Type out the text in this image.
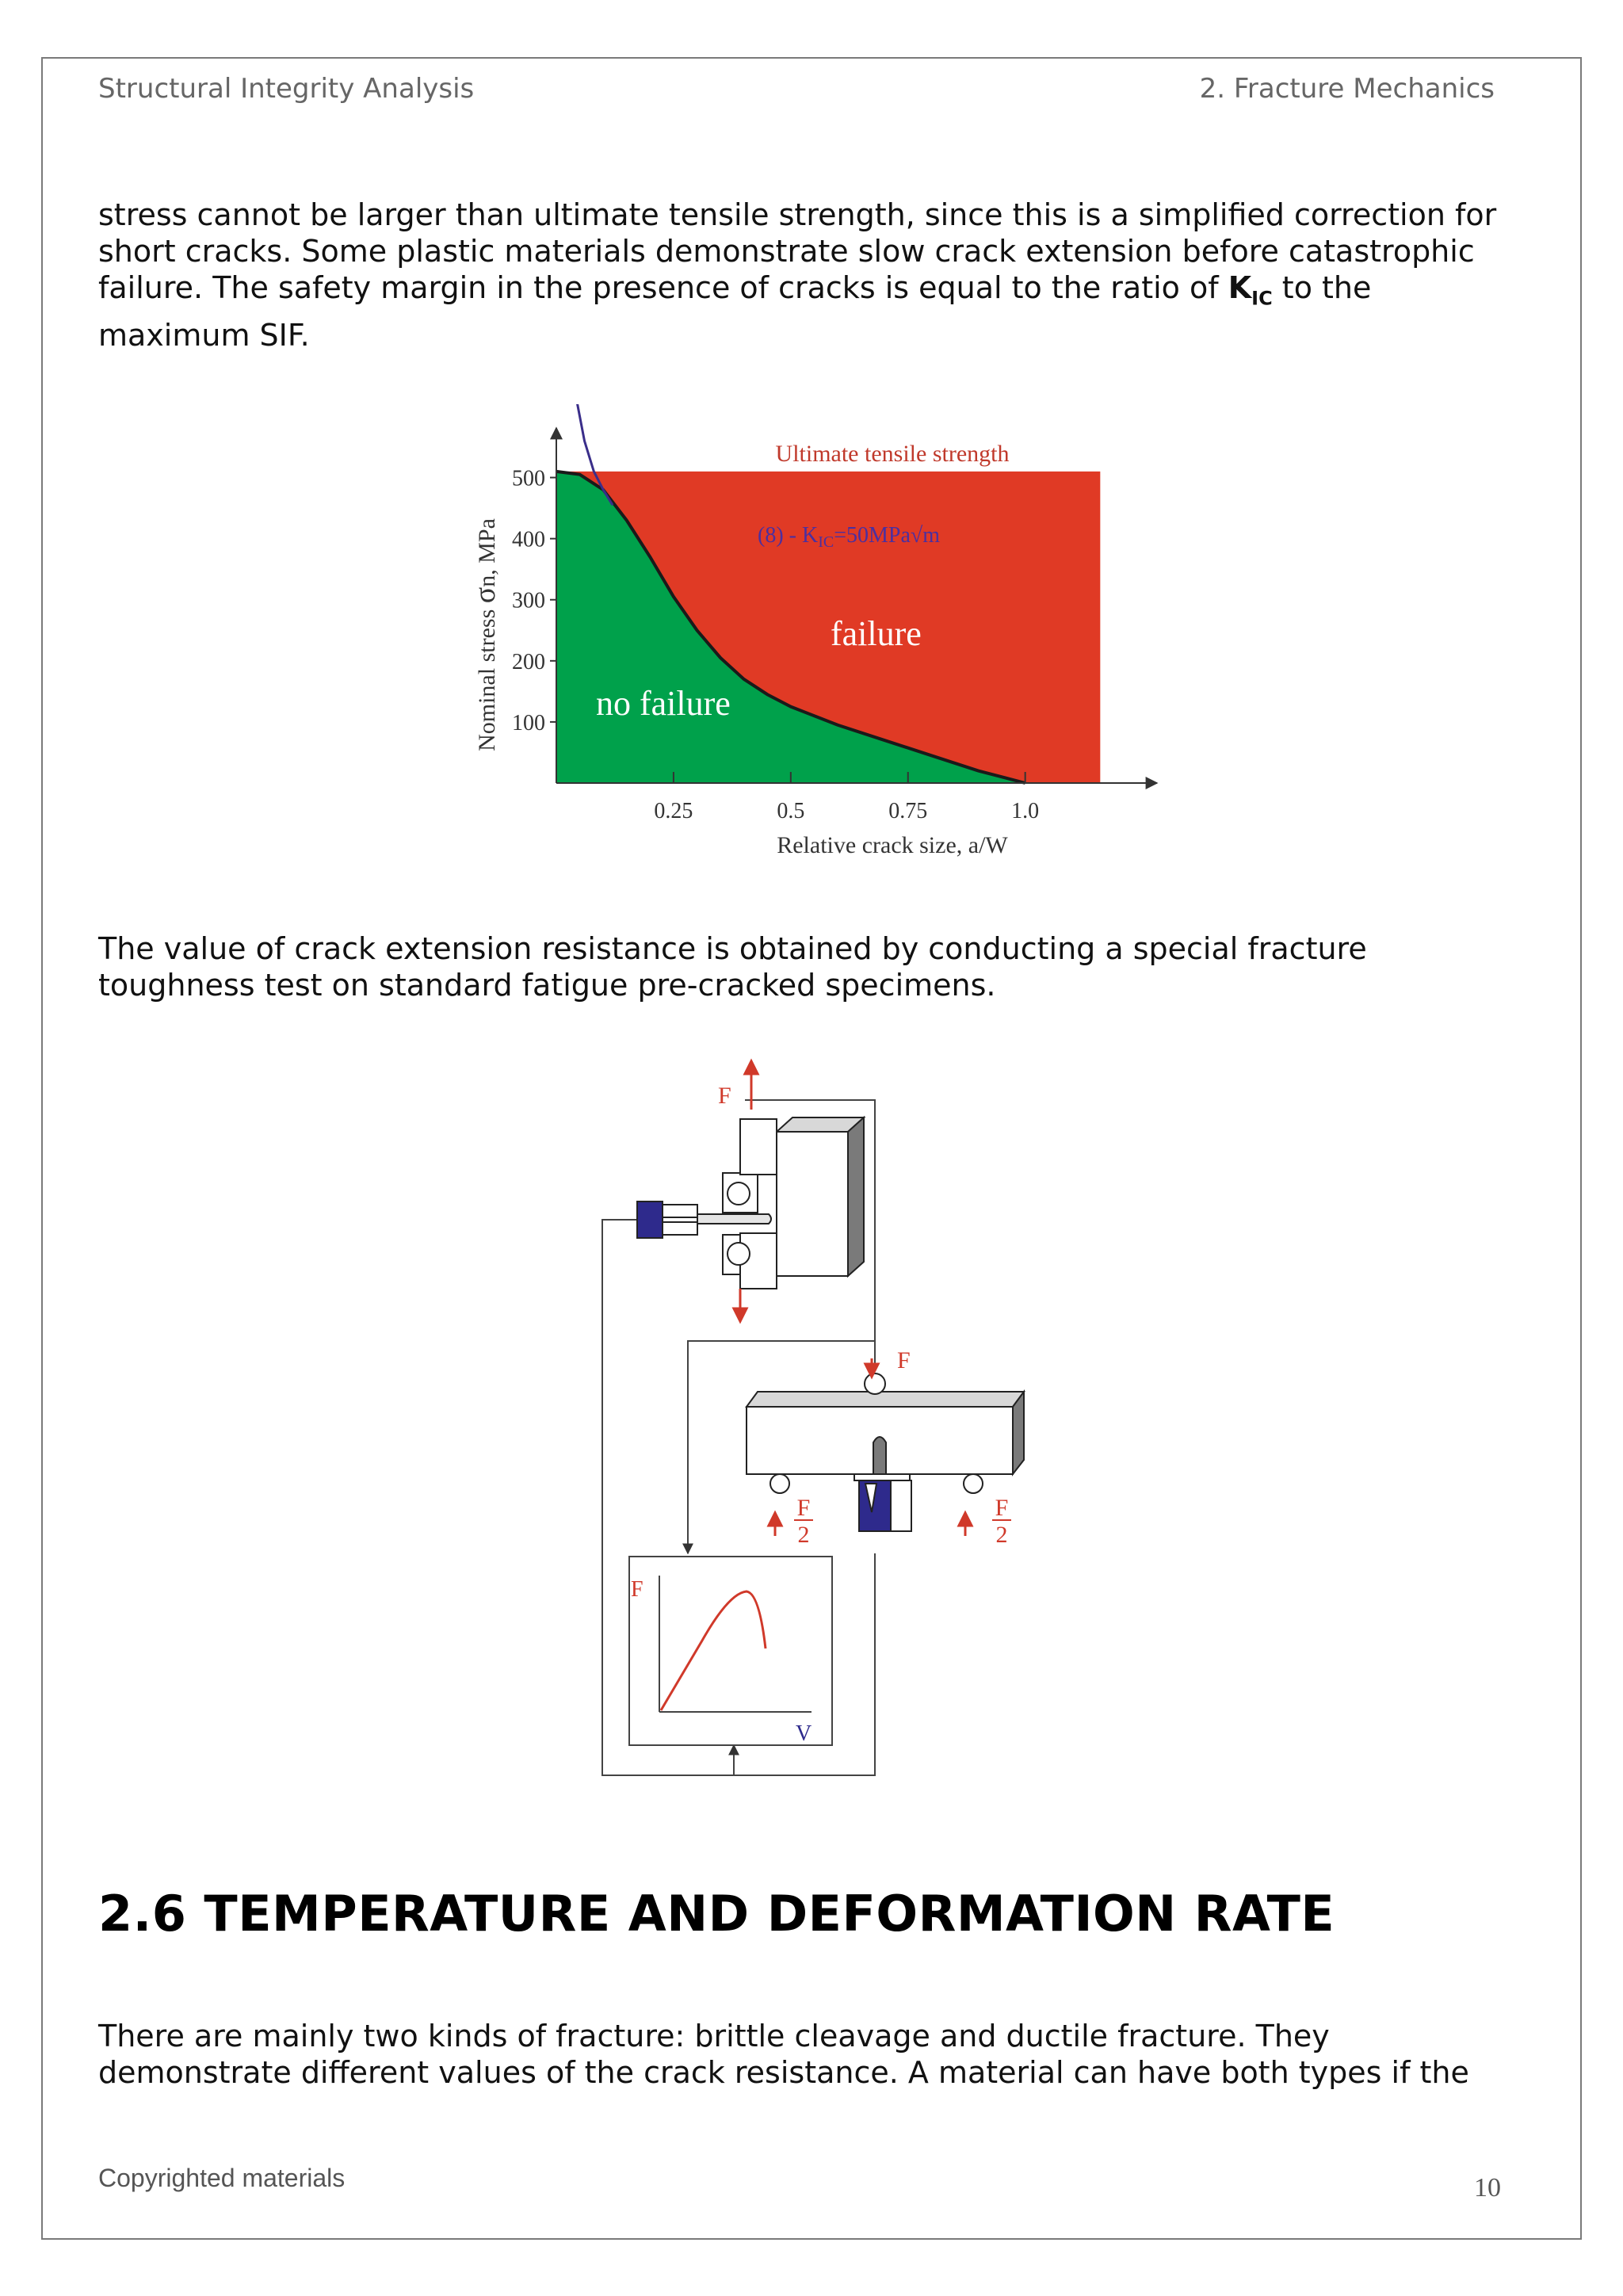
Structural Integrity Analysis	2. Fracture Mechanics
stress cannot be larger than ultimate tensile strength, since this is a simplified correction for
short cracks. Some plastic materials demonstrate slow crack extension before catastrophic
failure. The safety margin in the presence of cracks is equal to the ratio of $K_{IC}$ to the
maximum SIF.
0.25	0.5	0.75	1.0
100
200
300
400
500
Ultimate tensile strength
$(8) - K_{IC}=50MPa√m$
failure
no failure
Relative crack size, a/W
Nominal stress σn, MPa
The value of crack extension resistance is obtained by conducting a special fracture
toughness test on standard fatigue pre-cracked specimens.
F
F
F
2
F
2
F
V
2.6 TEMPERATURE AND DEFORMATION RATE
There are mainly two kinds of fracture: brittle cleavage and ductile fracture. They
demonstrate different values of the crack resistance. A material can have both types if the
Copyrighted materials	10
